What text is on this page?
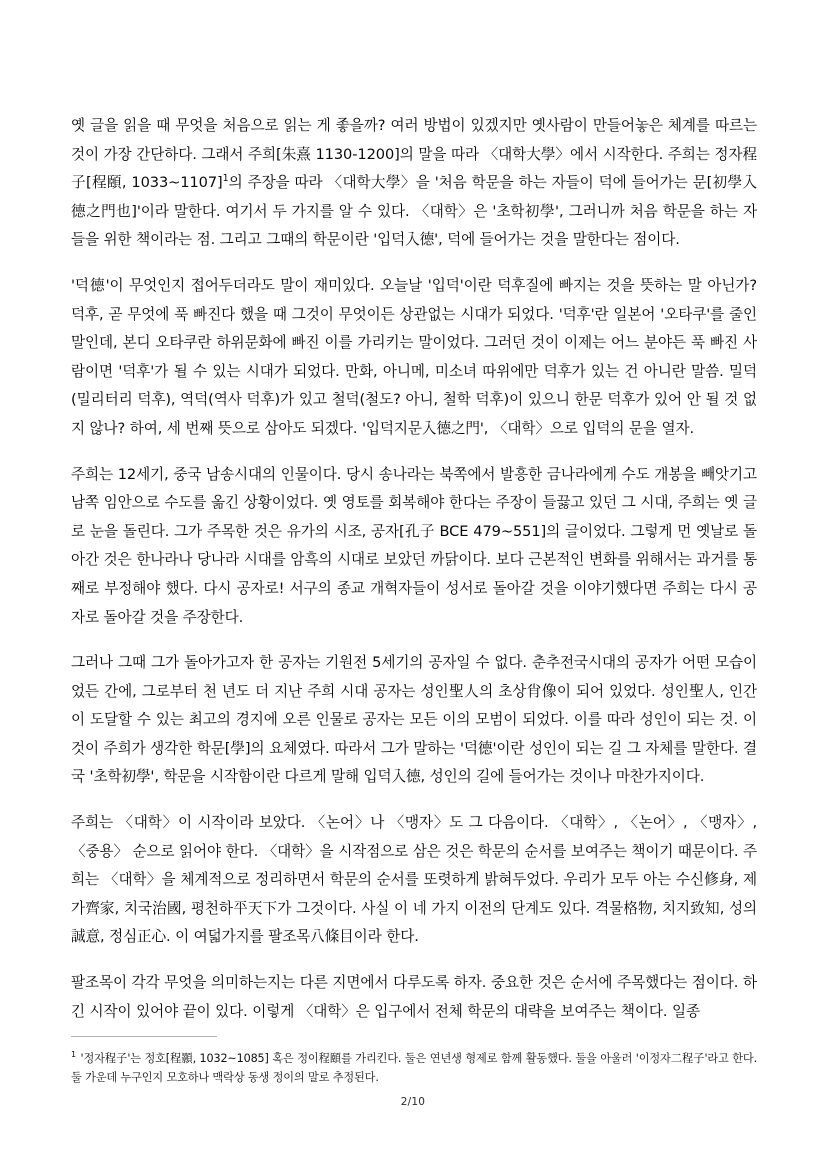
옛 글을 읽을 때 무엇을 처음으로 읽는 게 좋을까? 여러 방법이 있겠지만 옛사람이 만들어놓은 체계를 따르는 것이 가장 간단하다. 그래서 주희[朱熹 1130-1200]의 말을 따라 〈대학大學〉에서 시작한다. 주희는 정자程子[程頤, 1033~1107]$^1$의 주장을 따라 〈대학大學〉을 '처음 학문을 하는 자들이 덕에 들어가는 문[初學入德之門也]'이라 말한다. 여기서 두 가지를 알 수 있다. 〈대학〉은 '초학初學', 그러니까 처음 학문을 하는 자들을 위한 책이라는 점. 그리고 그때의 학문이란 '입덕入德', 덕에 들어가는 것을 말한다는 점이다.

'덕德'이 무엇인지 접어두더라도 말이 재미있다. 오늘날 '입덕'이란 덕후질에 빠지는 것을 뜻하는 말 아닌가? 덕후, 곧 무엇에 푹 빠진다 했을 때 그것이 무엇이든 상관없는 시대가 되었다. '덕후'란 일본어 '오타쿠'를 줄인 말인데, 본디 오타쿠란 하위문화에 빠진 이를 가리키는 말이었다. 그러던 것이 이제는 어느 분야든 푹 빠진 사람이면 '덕후'가 될 수 있는 시대가 되었다. 만화, 아니메, 미소녀 따위에만 덕후가 있는 건 아니란 말씀. 밀덕(밀리터리 덕후), 역덕(역사 덕후)가 있고 철덕(철도? 아니, 철학 덕후)이 있으니 한문 덕후가 있어 안 될 것 없지 않나? 하여, 세 번째 뜻으로 삼아도 되겠다. '입덕지문入德之門', 〈대학〉으로 입덕의 문을 열자.

주희는 12세기, 중국 남송시대의 인물이다. 당시 송나라는 북쪽에서 발흥한 금나라에게 수도 개봉을 빼앗기고 남쪽 임안으로 수도를 옮긴 상황이었다. 옛 영토를 회복해야 한다는 주장이 들끓고 있던 그 시대, 주희는 옛 글로 눈을 돌린다. 그가 주목한 것은 유가의 시조, 공자[孔子 BCE 479~551]의 글이었다. 그렇게 먼 옛날로 돌아간 것은 한나라나 당나라 시대를 암흑의 시대로 보았던 까닭이다. 보다 근본적인 변화를 위해서는 과거를 통째로 부정해야 했다. 다시 공자로! 서구의 종교 개혁자들이 성서로 돌아갈 것을 이야기했다면 주희는 다시 공자로 돌아갈 것을 주장한다.

그러나 그때 그가 돌아가고자 한 공자는 기원전 5세기의 공자일 수 없다. 춘추전국시대의 공자가 어떤 모습이었든 간에, 그로부터 천 년도 더 지난 주희 시대 공자는 성인聖人의 초상肖像이 되어 있었다. 성인聖人, 인간이 도달할 수 있는 최고의 경지에 오른 인물로 공자는 모든 이의 모범이 되었다. 이를 따라 성인이 되는 것. 이것이 주희가 생각한 학문[學]의 요체였다. 따라서 그가 말하는 '덕德'이란 성인이 되는 길 그 자체를 말한다. 결국 '초학初學', 학문을 시작함이란 다르게 말해 입덕入德, 성인의 길에 들어가는 것이나 마찬가지이다.

주희는 〈대학〉이 시작이라 보았다. 〈논어〉나 〈맹자〉도 그 다음이다. 〈대학〉, 〈논어〉, 〈맹자〉, 〈중용〉 순으로 읽어야 한다. 〈대학〉을 시작점으로 삼은 것은 학문의 순서를 보여주는 책이기 때문이다. 주희는 〈대학〉을 체계적으로 정리하면서 학문의 순서를 또렷하게 밝혀두었다. 우리가 모두 아는 수신修身, 제가齊家, 치국治國, 평천하平天下가 그것이다. 사실 이 네 가지 이전의 단계도 있다. 격물格物, 치지致知, 성의誠意, 정심正心. 이 여덟가지를 팔조목八條目이라 한다.

팔조목이 각각 무엇을 의미하는지는 다른 지면에서 다루도록 하자. 중요한 것은 순서에 주목했다는 점이다. 하긴 시작이 있어야 끝이 있다. 이렇게 〈대학〉은 입구에서 전체 학문의 대략을 보여주는 책이다. 일종

$^1$ '정자程子'는 정호[程顥, 1032~1085] 혹은 정이程頤를 가리킨다. 둘은 연년생 형제로 함께 활동했다. 둘을 아울러 '이정자二程子'라고 한다. 둘 가운데 누구인지 모호하나 맥락상 동생 정이의 말로 추정된다.

2/10
